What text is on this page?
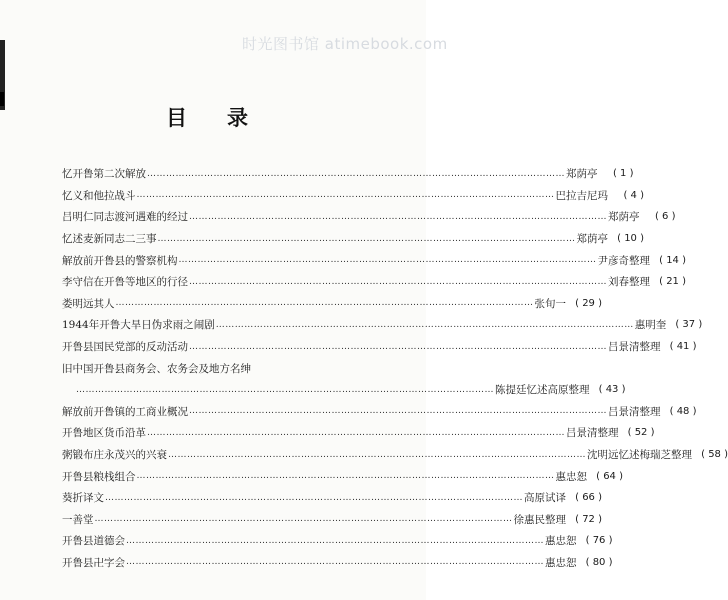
时光图书馆 atimebook.com
目录
忆开鲁第二次解放 ……………………………………………………………………………………………………………………	郑荫亭	( 1 )
忆义和他拉战斗 ……………………………………………………………………………………………………………………	巴拉吉尼玛	( 4 )
吕明仁同志渡河遇难的经过 ……………………………………………………………………………………………………………………	郑荫亭	( 6 )
忆述麦新同志二三事 ……………………………………………………………………………………………………………………	郑荫亭 ( 10 )
解放前开鲁县的警察机构 ……………………………………………………………………………………………………………………	尹彦奇整理 ( 14 )
李守信在开鲁等地区的行径 ……………………………………………………………………………………………………………………	刘春整理 ( 21 )
娄明远其人 ……………………………………………………………………………………………………………………	张旬一 ( 29 )
1944年开鲁大旱日伪求雨之闹剧 ……………………………………………………………………………………………………………………	惠明奎 ( 37 )
开鲁县国民党部的反动活动 ……………………………………………………………………………………………………………………	吕景清整理 ( 41 )
旧中国开鲁县商务会、农务会及地方名绅
……………………………………………………………………………………………………………………
陈提廷忆述高原整理 ( 43 )
解放前开鲁镇的工商业概况 ……………………………………………………………………………………………………………………	吕景清整理 ( 48 )
开鲁地区货币沿革 ……………………………………………………………………………………………………………………	吕景清整理 ( 52 )
粥锻布庄永茂兴的兴衰 ……………………………………………………………………………………………………………………	沈明远忆述梅瑞芝整理 ( 58 )
开鲁县粮栈组合 ……………………………………………………………………………………………………………………	惠忠恕 ( 64 )
葵折译文 ……………………………………………………………………………………………………………………	高原试译 ( 66 )
一善堂 ……………………………………………………………………………………………………………………	徐惠民整理 ( 72 )
开鲁县道德会 ……………………………………………………………………………………………………………………	惠忠恕 ( 76 )
开鲁县卍字会 ……………………………………………………………………………………………………………………	惠忠恕 ( 80 )
